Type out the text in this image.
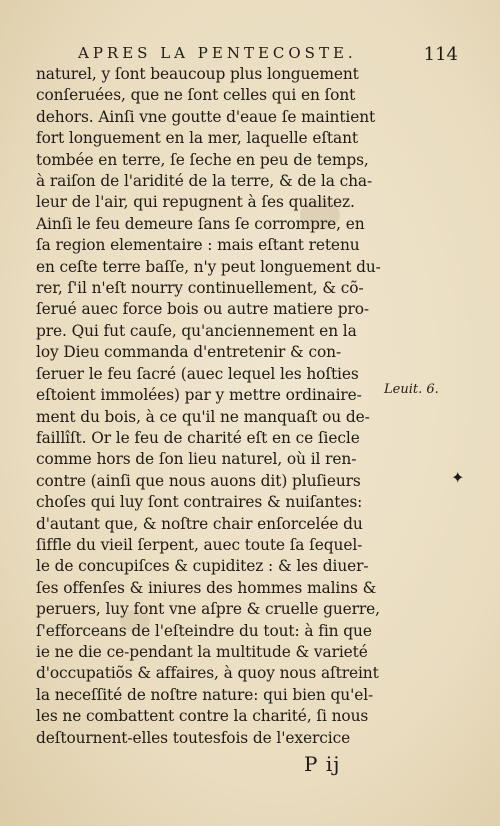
APRES LA PENTECOSTE.	114
naturel, y ſont beaucoup plus longuement
conſeruées, que ne ſont celles qui en ſont
dehors. Ainſi vne goutte d'eaue ſe maintient
fort longuement en la mer, laquelle eſtant
tombée en terre, ſe ſeche en peu de temps,
à raiſon de l'aridité de la terre, & de la cha-
leur de l'air, qui repugnent à ſes qualitez.
Ainſi le feu demeure ſans ſe corrompre, en
ſa region elementaire : mais eſtant retenu
en ceſte terre baſſe, n'y peut longuement du-
rer, ſ'il n'eſt nourry continuellement, & cõ-
ſerué auec force bois ou autre matiere pro-
pre. Qui fut cauſe, qu'anciennement en la
loy Dieu commanda d'entretenir & con-
ſeruer le feu ſacré (auec lequel les hoſties
eſtoient immolées) par y mettre ordinaire-
ment du bois, à ce qu'il ne manquaſt ou de-
faillîſt. Or le feu de charité eſt en ce ſiecle
comme hors de ſon lieu naturel, où il ren-
contre (ainſi que nous auons dit) pluſieurs
choſes qui luy ſont contraires & nuiſantes:
d'autant que, & noſtre chair enſorcelée du
ſiffle du vieil ſerpent, auec toute ſa ſequel-
le de concupiſces & cupiditez : & les diuer-
ſes offenſes & iniures des hommes malins &
peruers, luy font vne aſpre & cruelle guerre,
ſ'efforceans de l'eſteindre du tout: à fin que
ie ne die ce-pendant la multitude & varieté
d'occupatiõs & affaires, à quoy nous aſtreint
la neceſſité de noſtre nature: qui bien qu'el-
les ne combattent contre la charité, ſi nous
deſtournent-elles toutesfois de l'exercice
Leuit. 6.
✦
P ij
